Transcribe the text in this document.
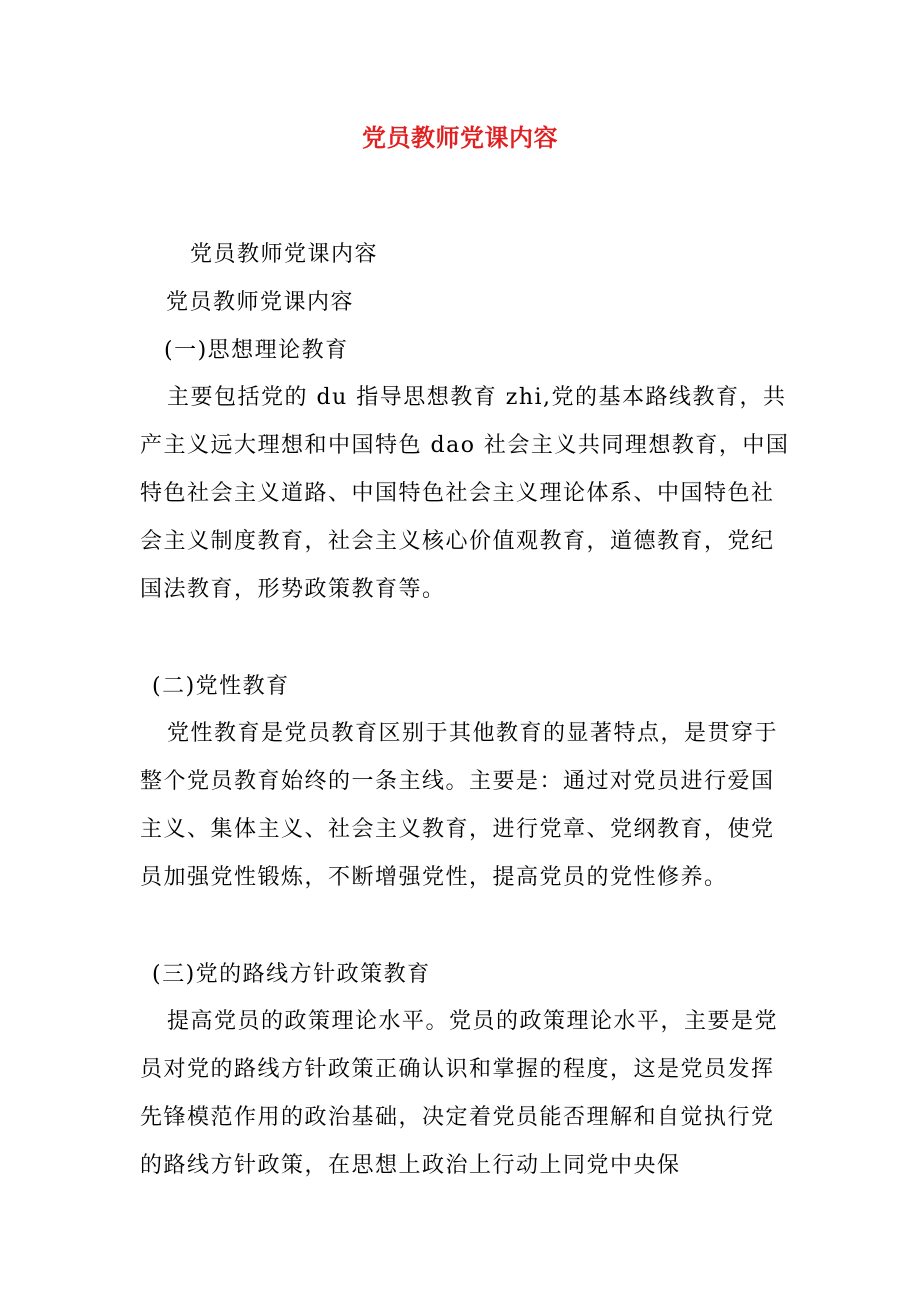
党员教师党课内容
党员教师党课内容
党员教师党课内容
(一)思想理论教育
主要包括党的 du 指导思想教育 zhi,党的基本路线教育，共产主义远大理想和中国特色 dao 社会主义共同理想教育，中国特色社会主义道路、中国特色社会主义理论体系、中国特色社会主义制度教育，社会主义核心价值观教育，道德教育，党纪国法教育，形势政策教育等。
(二)党性教育
党性教育是党员教育区别于其他教育的显著特点，是贯穿于整个党员教育始终的一条主线。主要是：通过对党员进行爱国主义、集体主义、社会主义教育，进行党章、党纲教育，使党员加强党性锻炼，不断增强党性，提高党员的党性修养。
(三)党的路线方针政策教育
提高党员的政策理论水平。党员的政策理论水平，主要是党员对党的路线方针政策正确认识和掌握的程度，这是党员发挥先锋模范作用的政治基础，决定着党员能否理解和自觉执行党的路线方针政策，在思想上政治上行动上同党中央保
